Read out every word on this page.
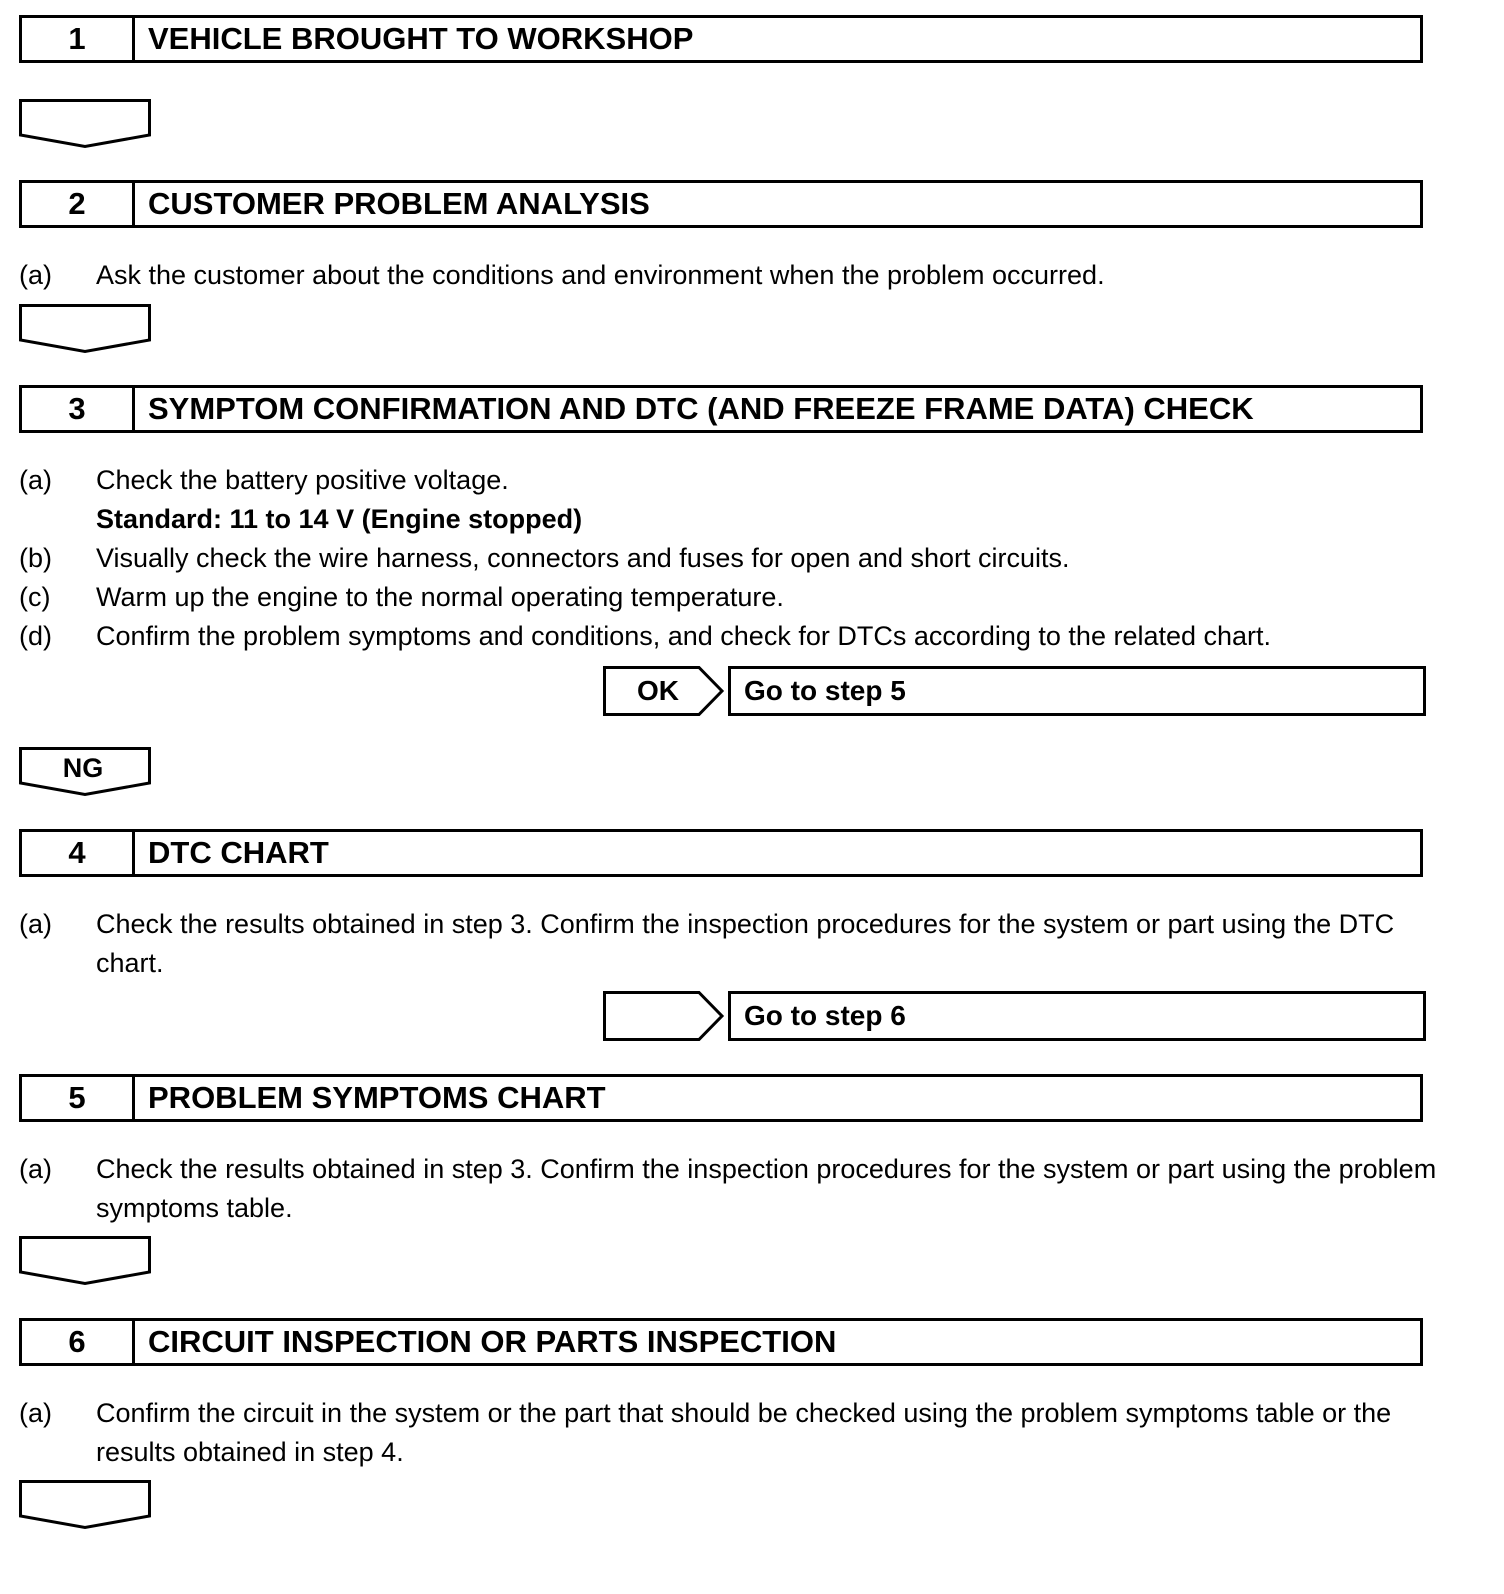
1	VEHICLE BROUGHT TO WORKSHOP
2	CUSTOMER PROBLEM ANALYSIS
(a)	Ask the customer about the conditions and environment when the problem occurred.
3	SYMPTOM CONFIRMATION AND DTC (AND FREEZE FRAME DATA) CHECK
(a)	Check the battery positive voltage.
Standard: 11 to 14 V (Engine stopped)
(b)	Visually check the wire harness, connectors and fuses for open and short circuits.
(c)	Warm up the engine to the normal operating temperature.
(d)	Confirm the problem symptoms and conditions, and check for DTCs according to the related chart.
OK	Go to step 5
NG
4	DTC CHART
(a)	Check the results obtained in step 3. Confirm the inspection procedures for the system or part using the DTC chart.
Go to step 6
5	PROBLEM SYMPTOMS CHART
(a)	Check the results obtained in step 3. Confirm the inspection procedures for the system or part using the problem symptoms table.
6	CIRCUIT INSPECTION OR PARTS INSPECTION
(a)	Confirm the circuit in the system or the part that should be checked using the problem symptoms table or the results obtained in step 4.
